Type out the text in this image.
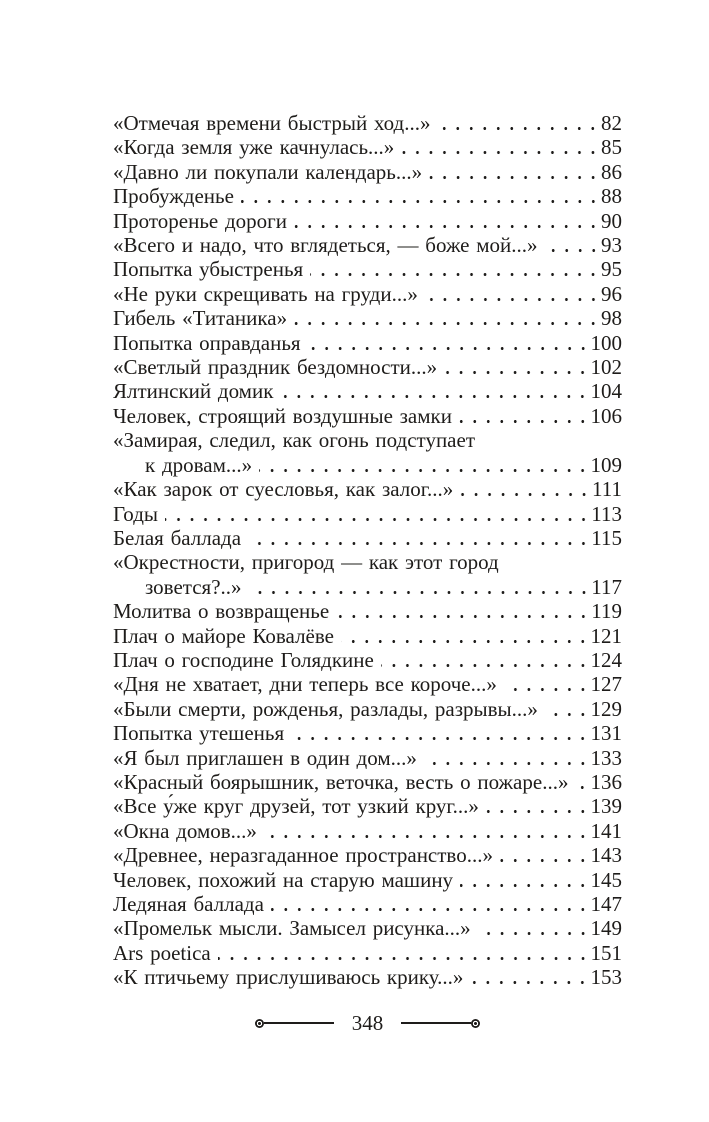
«Отмечая времени быстрый ход...»	82
«Когда земля уже качнулась...»	85
«Давно ли покупали календарь...»	86
Пробужденье	88
Проторенье дороги	90
«Всего и надо, что вглядеться, — боже мой...»	93
Попытка убыстренья	95
«Не руки скрещивать на груди...»	96
Гибель «Титаника»	98
Попытка оправданья	100
«Светлый праздник бездомности...»	102
Ялтинский домик	104
Человек, строящий воздушные замки	106
«Замирая, следил, как огонь подступает
к дровам...»	109
«Как зарок от суесловья, как залог...»	111
Годы	113
Белая баллада	115
«Окрестности, пригород — как этот город
зовется?..»	117
Молитва о возвращенье	119
Плач о майоре Ковалёве	121
Плач о господине Голядкине	124
«Дня не хватает, дни теперь все короче...»	127
«Были смерти, рожденья, разлады, разрывы...»	129
Попытка утешенья	131
«Я был приглашен в один дом...»	133
«Красный боярышник, веточка, весть о пожаре...» 136
«Все у́же круг друзей, тот узкий круг...»	139
«Окна домов...»	141
«Древнее, неразгаданное пространство...»	143
Человек, похожий на старую машину	145
Ледяная баллада	147
«Промельк мысли. Замысел рисунка...»	149
Ars poetica	151
«К птичьему прислушиваюсь крику...»	153
348
